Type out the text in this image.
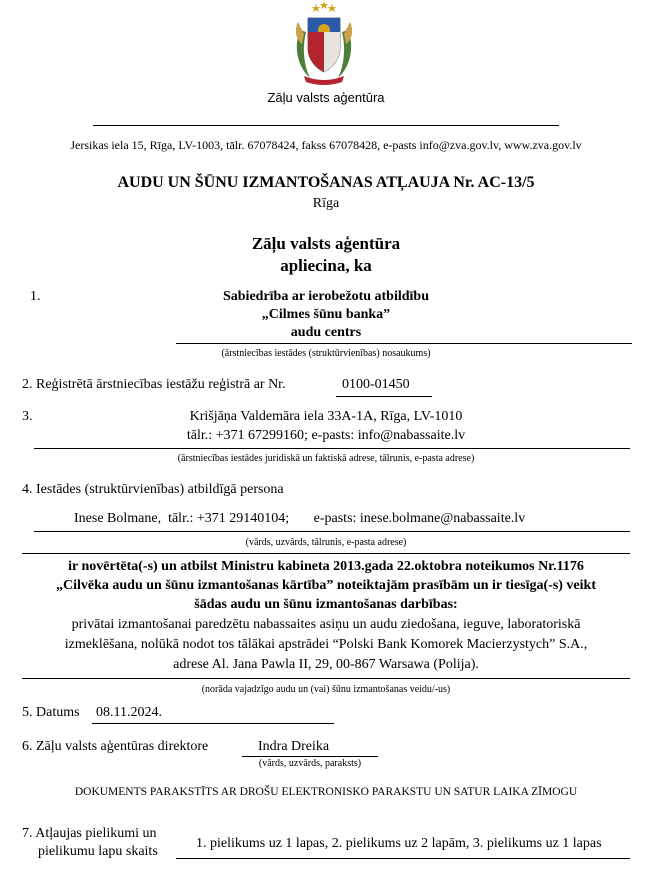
Zāļu valsts aģentūra
Jersikas iela 15, Rīga, LV-1003, tālr. 67078424, fakss 67078428, e-pasts info@zva.gov.lv, www.zva.gov.lv
AUDU UN ŠŪNU IZMANTOŠANAS ATĻAUJA Nr. AC-13/5
Rīga
Zāļu valsts aģentūra
apliecina, ka
1.	Sabiedrība ar ierobežotu atbildību
„Cilmes šūnu banka”
audu centrs
(ārstniecības iestādes (struktūrvienības) nosaukums)
2. Reģistrētā ārstniecības iestāžu reģistrā ar Nr.	0100-01450
3.	Krišjāņa Valdemāra iela 33A-1A, Rīga, LV-1010
tālr.: +371 67299160; e-pasts: info@nabassaite.lv
(ārstniecības iestādes juridiskā un faktiskā adrese, tālrunis, e-pasta adrese)
4. Iestādes (struktūrvienības) atbildīgā persona
Inese Bolmane,  tālr.: +371 29140104;       e-pasts: inese.bolmane@nabassaite.lv
(vārds, uzvārds, tālrunis, e-pasta adrese)
ir novērtēta(-s) un atbilst Ministru kabineta 2013.gada 22.oktobra noteikumos Nr.1176
„Cilvēka audu un šūnu izmantošanas kārtība” noteiktajām prasībām un ir tiesīga(-s) veikt
šādas audu un šūnu izmantošanas darbības:
privātai izmantošanai paredzētu nabassaites asiņu un audu ziedošana, ieguve, laboratoriskā
izmeklēšana, nolūkā nodot tos tālākai apstrādei “Polski Bank Komorek Macierzystych” S.A.,
adrese Al. Jana Pawla II, 29, 00-867 Warsawa (Polija).
(norāda vajadzīgo audu un (vai) šūnu izmantošanas veidu/-us)
5. Datums 08.11.2024.
6. Zāļu valsts aģentūras direktore	Indra Dreika
(vārds, uzvārds, paraksts)
DOKUMENTS PARAKSTĪTS AR DROŠU ELEKTRONISKO PARAKSTU UN SATUR LAIKA ZĪMOGU
7. Atļaujas pielikumi un
pielikumu lapu skaits
1. pielikums uz 1 lapas, 2. pielikums uz 2 lapām, 3. pielikums uz 1 lapas
